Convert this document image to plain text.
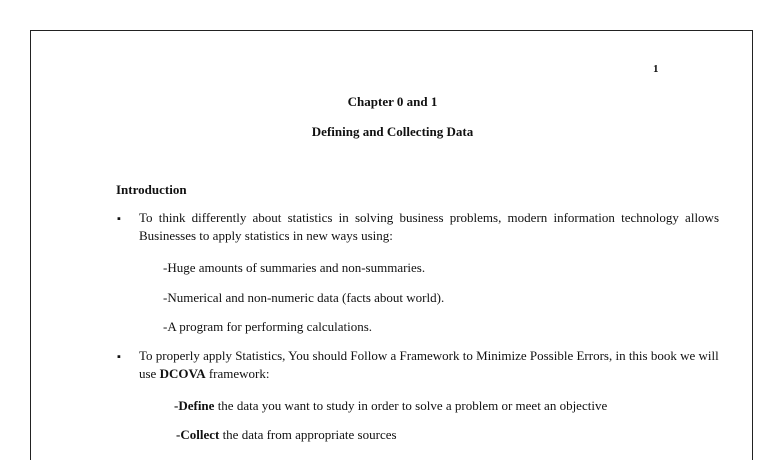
1
Chapter 0 and 1
Defining and Collecting Data
Introduction
▪ To think differently about statistics in solving business problems, modern information technology allows Businesses to apply statistics in new ways using:
-Huge amounts of summaries and non-summaries.
-Numerical and non-numeric data (facts about world).
-A program for performing calculations.
▪ To properly apply Statistics, You should Follow a Framework to Minimize Possible Errors, in this book we will use DCOVA framework:
-Define the data you want to study in order to solve a problem or meet an objective
-Collect the data from appropriate sources
